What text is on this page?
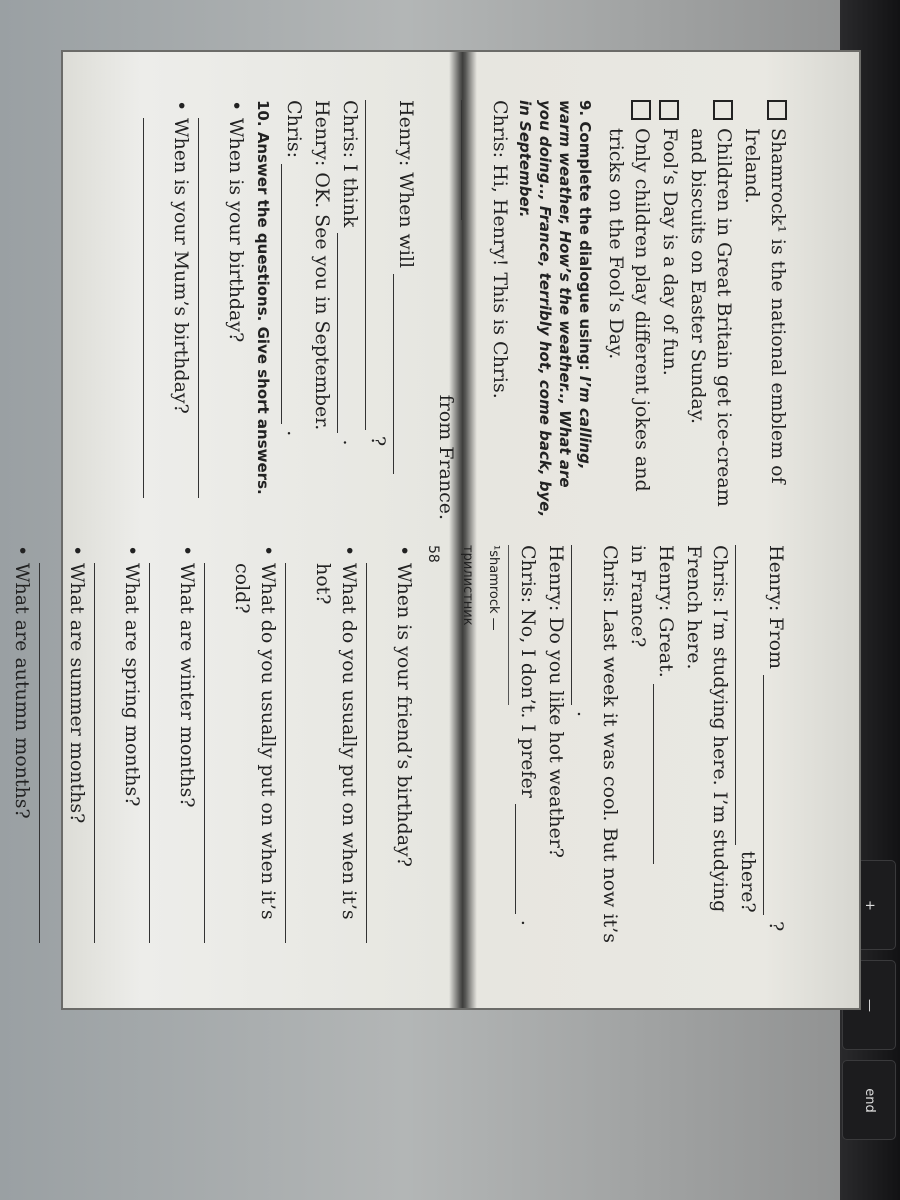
end
—
+
Shamrock¹ is the national emblem of Ireland.
Children in Great Britain get ice-cream and biscuits on Easter Sunday.
Fool’s Day is a day of fun.
Only children play different jokes and tricks on the Fool’s Day.
9. Complete the dialogue using: I’m calling, warm weather, How’s the weather.., What are you doing.., France, terribly hot, come back, bye, in September.
Chris: Hi, Henry! This is Chris.
from France.
Henry: From  ?
there?
Chris: I’m studying here. I’m studying French here.
Henry: Great.
in France?
Chris: Last week it was cool. But now it’s  .
Henry: Do you like hot weather?
Chris: No, I don’t. I prefer  .
¹shamrock — трилистник
58
Henry: When will
?
Chris: I think  .
Henry: OK. See you in September.
Chris:  .
10. Answer the questions. Give short answers.
• When is your birthday?
• When is your Mum’s birthday?
• When is your friend’s birthday?
• What do you usually put on when it’s hot?
• What do you usually put on when it’s cold?
• What are winter months?
• What are spring months?
• What are summer months?
• What are autumn months?
